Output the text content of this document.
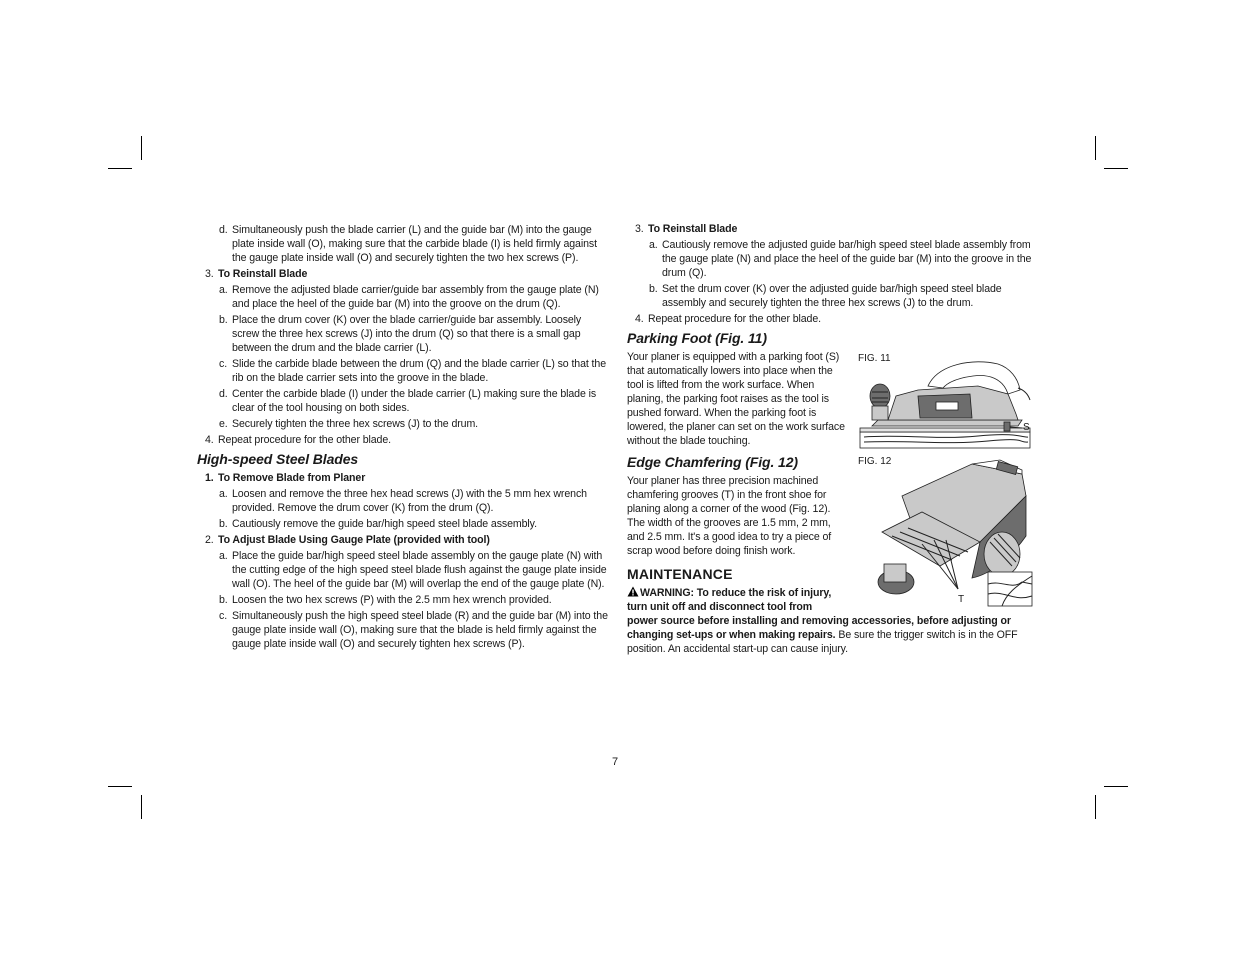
d. Simultaneously push the blade carrier (L) and the guide bar (M) into the gauge plate inside wall (O), making sure that the carbide blade (I) is held firmly against the gauge plate inside wall (O) and securely tighten the two hex screws (P).
3. To Reinstall Blade
a. Remove the adjusted blade carrier/guide bar assembly from the gauge plate (N) and place the heel of the guide bar (M) into the groove on the drum (Q).
b. Place the drum cover (K) over the blade carrier/guide bar assembly. Loosely screw the three hex screws (J) into the drum (Q) so that there is a small gap between the drum and the blade carrier (L).
c. Slide the carbide blade between the drum (Q) and the blade carrier (L) so that the rib on the blade carrier sets into the groove in the blade.
d. Center the carbide blade (I) under the blade carrier (L) making sure the blade is clear of the tool housing on both sides.
e. Securely tighten the three hex screws (J) to the drum.
4. Repeat procedure for the other blade.
High-speed Steel Blades
1. To Remove Blade from Planer
a. Loosen and remove the three hex head screws (J) with the 5 mm hex wrench provided. Remove the drum cover (K) from the drum (Q).
b. Cautiously remove the guide bar/high speed steel blade assembly.
2. To Adjust Blade Using Gauge Plate (provided with tool)
a. Place the guide bar/high speed steel blade assembly on the gauge plate (N) with the cutting edge of the high speed steel blade flush against the gauge plate inside wall (O). The heel of the guide bar (M) will overlap the end of the gauge plate (N).
b. Loosen the two hex screws (P) with the 2.5 mm hex wrench provided.
c. Simultaneously push the high speed steel blade (R) and the guide bar (M) into the gauge plate inside wall (O), making sure that the blade is held firmly against the gauge plate inside wall (O) and securely tighten hex screws (P).
3. To Reinstall Blade
a. Cautiously remove the adjusted guide bar/high speed steel blade assembly from the gauge plate (N) and place the heel of the guide bar (M) into the groove in the drum (Q).
b. Set the drum cover (K) over the adjusted guide bar/high speed steel blade assembly and securely tighten the three hex screws (J) to the drum.
4. Repeat procedure for the other blade.
Parking Foot (Fig. 11)
Your planer is equipped with a parking foot (S) that automatically lowers into place when the tool is lifted from the work surface. When planing, the parking foot raises as the tool is pushed forward. When the parking foot is lowered, the planer can set on the work surface without the blade touching.
Edge Chamfering (Fig. 12)
Your planer has three precision machined chamfering grooves (T) in the front shoe for planing along a corner of the wood (Fig. 12). The width of the grooves are 1.5 mm, 2 mm, and 2.5 mm. It's a good idea to try a piece of scrap wood before doing finish work.
MAINTENANCE
WARNING: To reduce the risk of injury, turn unit off and disconnect tool from
power source before installing and removing accessories, before adjusting or changing set-ups or when making repairs. Be sure the trigger switch is in the OFF position. An accidental start-up can cause injury.
FIG. 11
S
FIG. 12
T
7
